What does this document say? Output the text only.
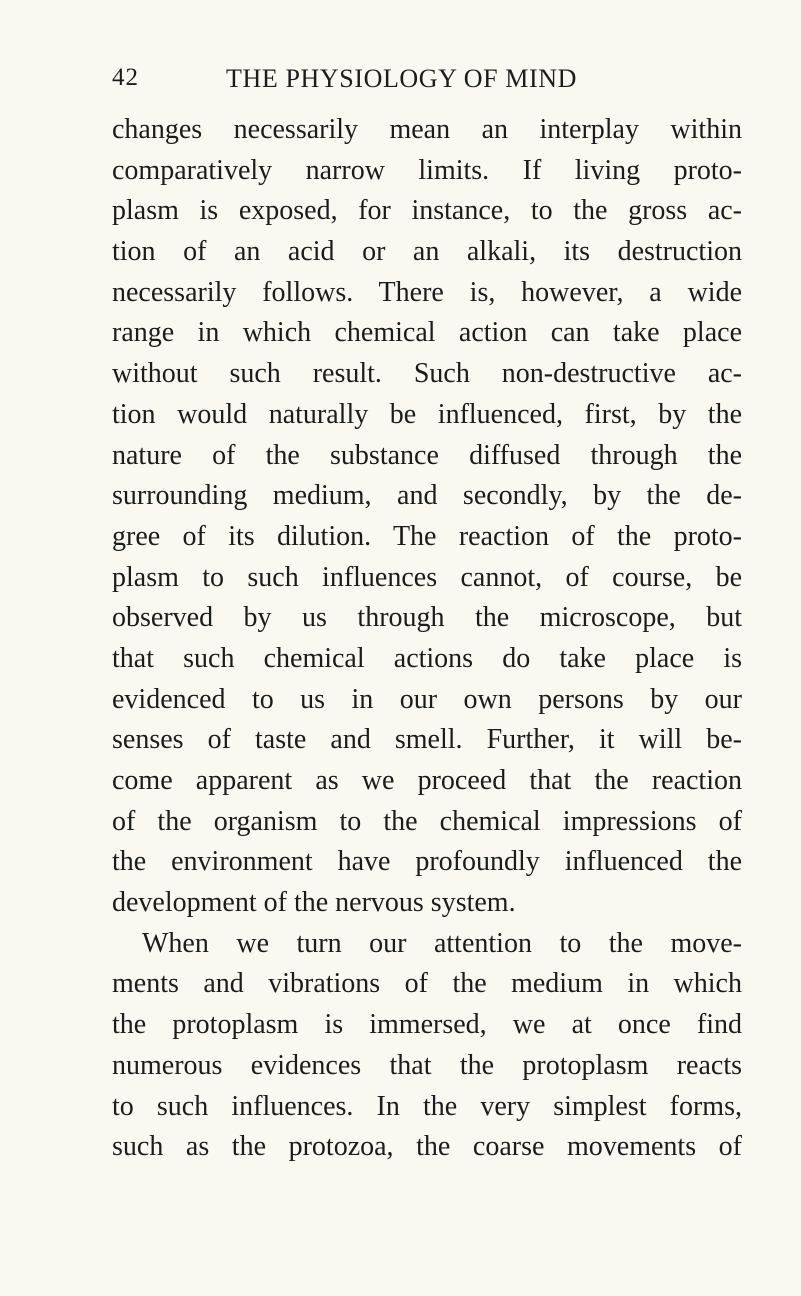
42	THE PHYSIOLOGY OF MIND
changes necessarily mean an interplay within
comparatively narrow limits. If living proto-
plasm is exposed, for instance, to the gross ac-
tion of an acid or an alkali, its destruction
necessarily follows. There is, however, a wide
range in which chemical action can take place
without such result. Such non-destructive ac-
tion would naturally be influenced, first, by the
nature of the substance diffused through the
surrounding medium, and secondly, by the de-
gree of its dilution. The reaction of the proto-
plasm to such influences cannot, of course, be
observed by us through the microscope, but
that such chemical actions do take place is
evidenced to us in our own persons by our
senses of taste and smell. Further, it will be-
come apparent as we proceed that the reaction
of the organism to the chemical impressions of
the environment have profoundly influenced the
development of the nervous system.
When we turn our attention to the move-
ments and vibrations of the medium in which
the protoplasm is immersed, we at once find
numerous evidences that the protoplasm reacts
to such influences. In the very simplest forms,
such as the protozoa, the coarse movements of
